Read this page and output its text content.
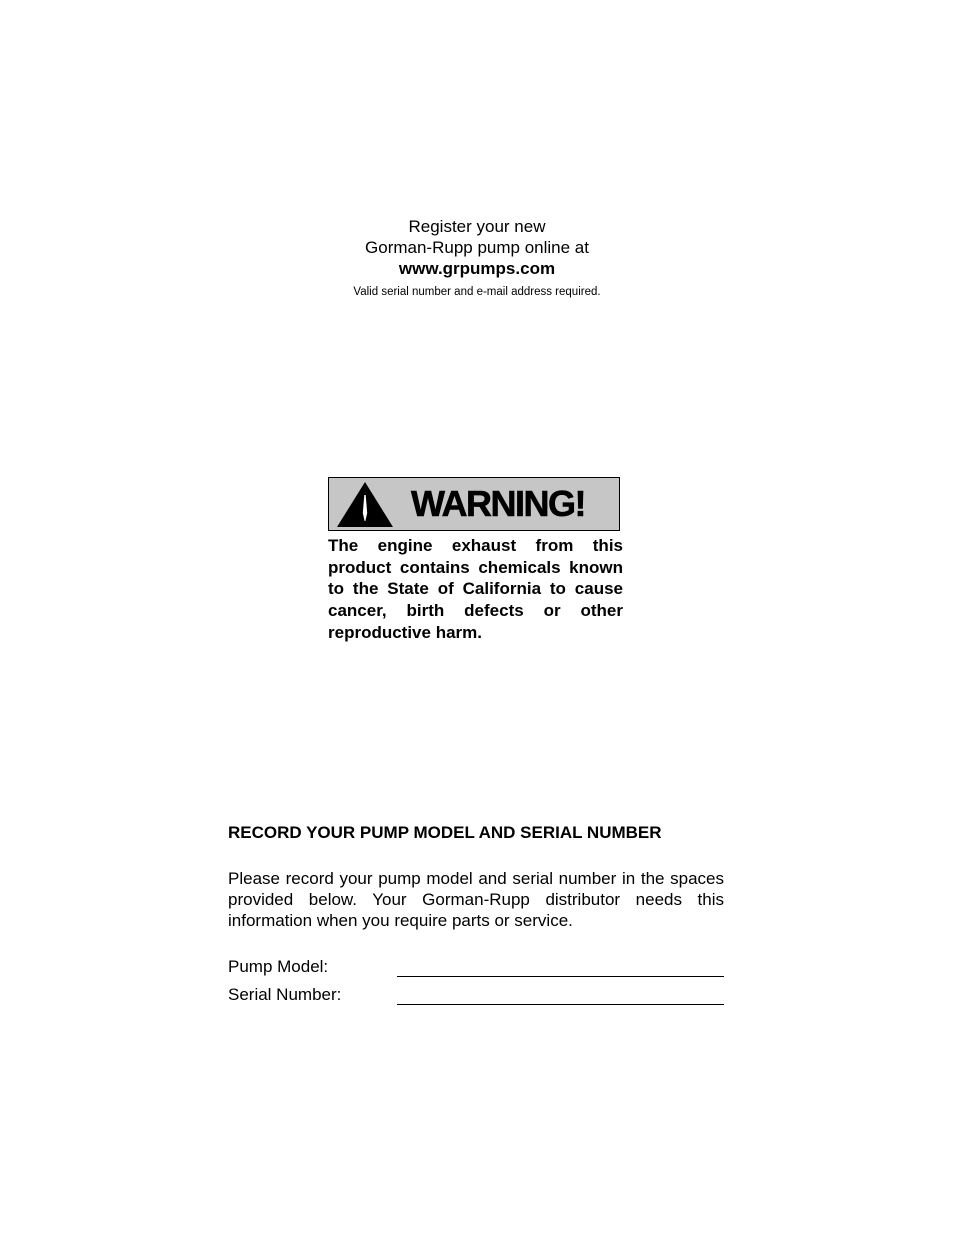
Register your new
Gorman-Rupp pump online at
www.grpumps.com
Valid serial number and e-mail address required.
WARNING!
The engine exhaust from this product contains chemicals known to the State of California to cause cancer, birth defects or other reproductive harm.
RECORD YOUR PUMP MODEL AND SERIAL NUMBER
Please record your pump model and serial number in the spaces provided below. Your Gorman-Rupp distributor needs this information when you require parts or service.
Pump Model:
Serial Number:
